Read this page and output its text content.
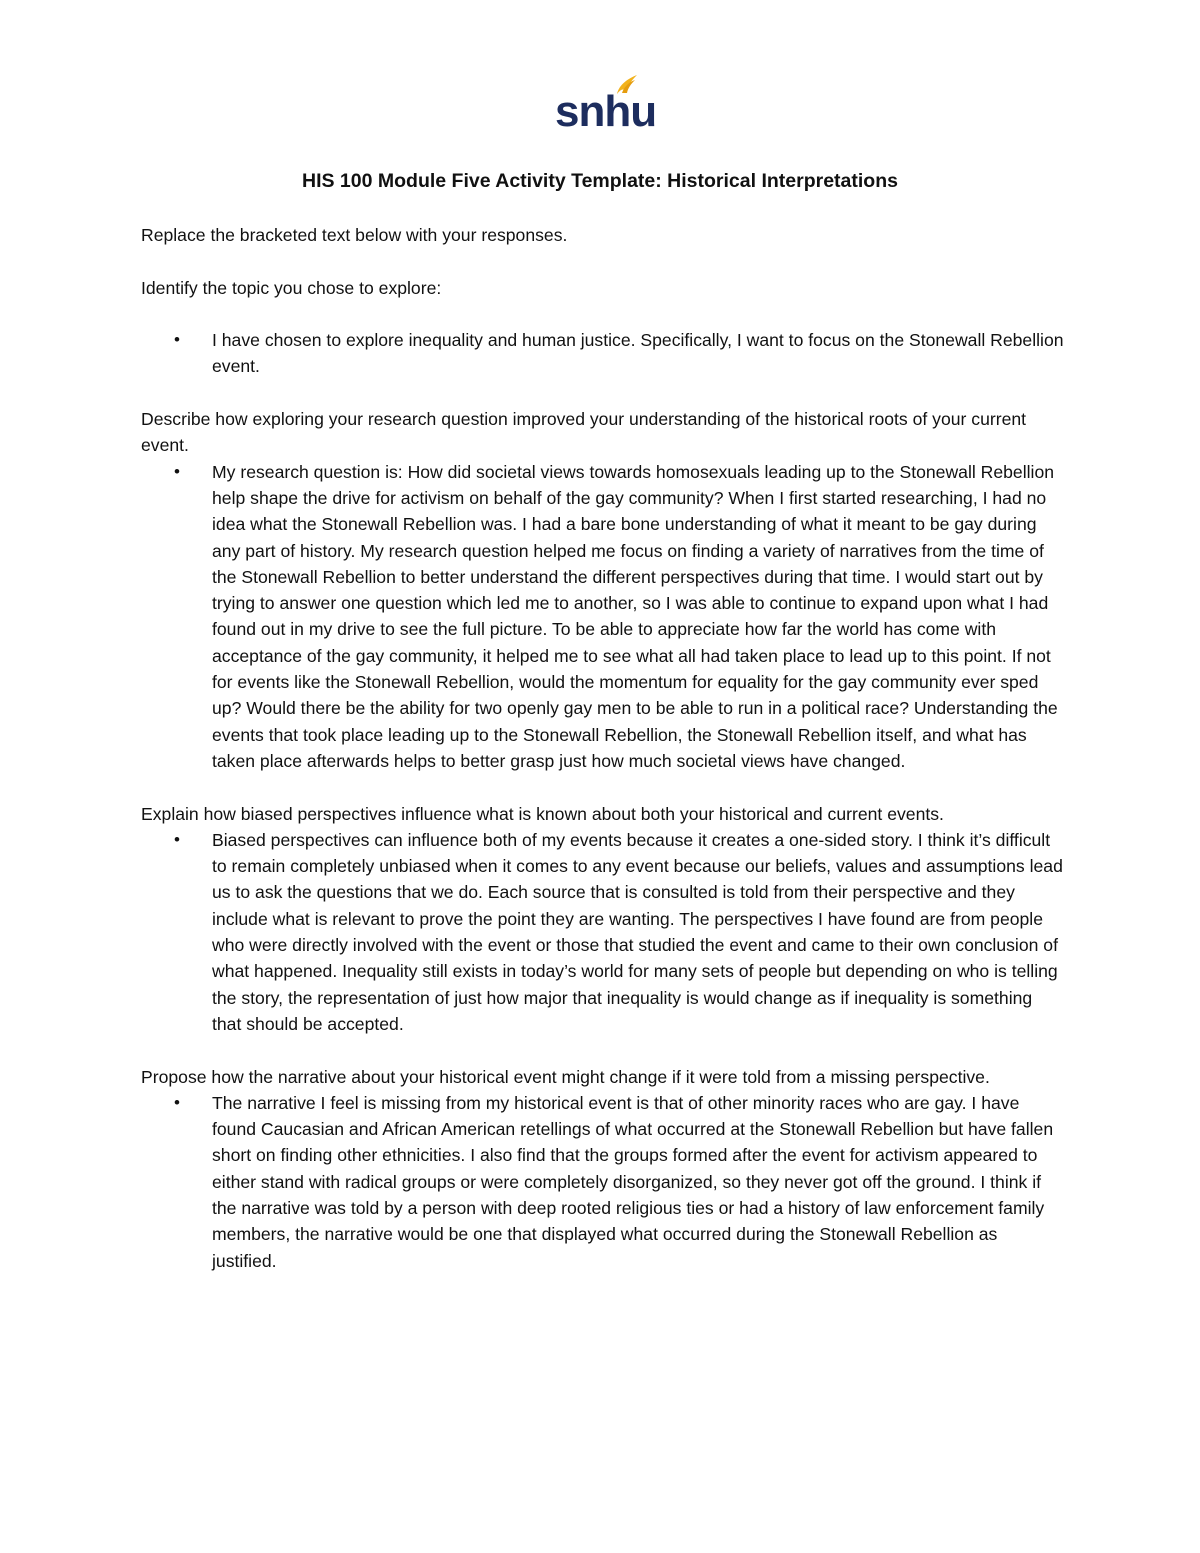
snhu
HIS 100 Module Five Activity Template: Historical Interpretations

Replace the bracketed text below with your responses.

Identify the topic you chose to explore:

• I have chosen to explore inequality and human justice. Specifically, I want to focus on the Stonewall Rebellion event.

Describe how exploring your research question improved your understanding of the historical roots of your current event.

• My research question is: How did societal views towards homosexuals leading up to the Stonewall Rebellion help shape the drive for activism on behalf of the gay community? When I first started researching, I had no idea what the Stonewall Rebellion was. I had a bare bone understanding of what it meant to be gay during any part of history. My research question helped me focus on finding a variety of narratives from the time of the Stonewall Rebellion to better understand the different perspectives during that time. I would start out by trying to answer one question which led me to another, so I was able to continue to expand upon what I had found out in my drive to see the full picture. To be able to appreciate how far the world has come with acceptance of the gay community, it helped me to see what all had taken place to lead up to this point. If not for events like the Stonewall Rebellion, would the momentum for equality for the gay community ever sped up? Would there be the ability for two openly gay men to be able to run in a political race? Understanding the events that took place leading up to the Stonewall Rebellion, the Stonewall Rebellion itself, and what has taken place afterwards helps to better grasp just how much societal views have changed.

Explain how biased perspectives influence what is known about both your historical and current events.

• Biased perspectives can influence both of my events because it creates a one-sided story. I think it’s difficult to remain completely unbiased when it comes to any event because our beliefs, values and assumptions lead us to ask the questions that we do. Each source that is consulted is told from their perspective and they include what is relevant to prove the point they are wanting. The perspectives I have found are from people who were directly involved with the event or those that studied the event and came to their own conclusion of what happened. Inequality still exists in today’s world for many sets of people but depending on who is telling the story, the representation of just how major that inequality is would change as if inequality is something that should be accepted.

Propose how the narrative about your historical event might change if it were told from a missing perspective.

• The narrative I feel is missing from my historical event is that of other minority races who are gay. I have found Caucasian and African American retellings of what occurred at the Stonewall Rebellion but have fallen short on finding other ethnicities. I also find that the groups formed after the event for activism appeared to either stand with radical groups or were completely disorganized, so they never got off the ground. I think if the narrative was told by a person with deep rooted religious ties or had a history of law enforcement family members, the narrative would be one that displayed what occurred during the Stonewall Rebellion as justified.
